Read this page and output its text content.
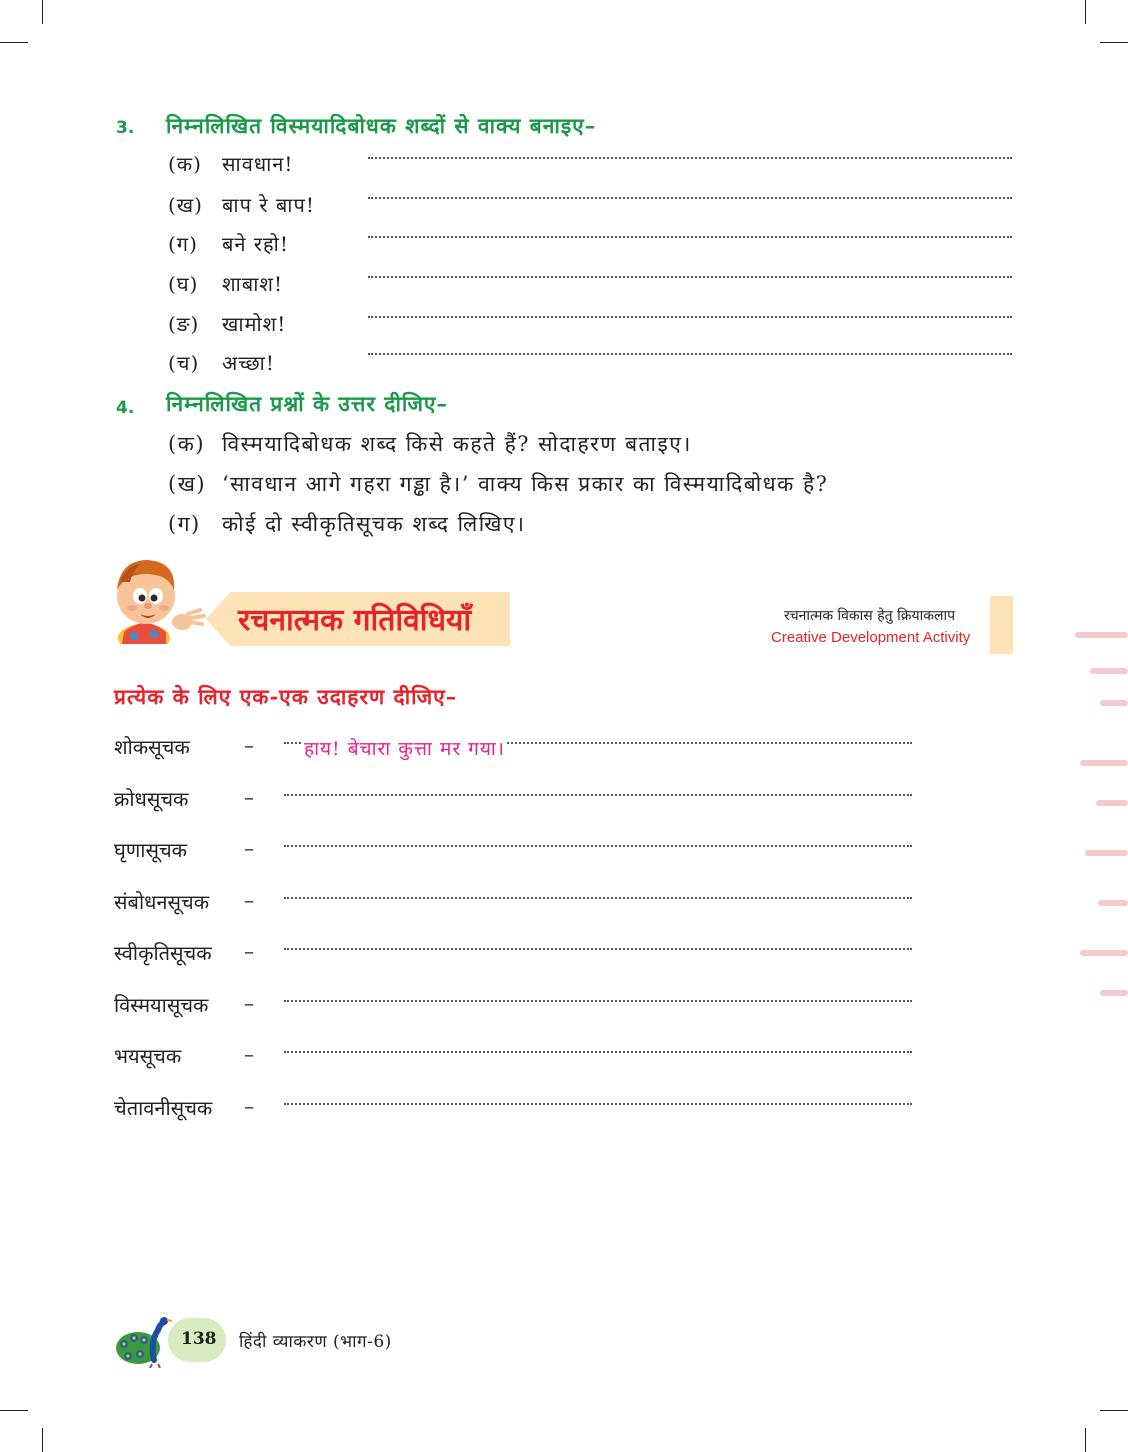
3. निम्नलिखित विस्मयादिबोधक शब्दों से वाक्य बनाइए–
(क) सावधान!
(ख) बाप रे बाप!
(ग) बने रहो!
(घ) शाबाश!
(ङ) खामोश!
(च) अच्छा!
4. निम्नलिखित प्रश्नों के उत्तर दीजिए–
(क) विस्मयादिबोधक शब्द किसे कहते हैं? सोदाहरण बताइए।
(ख) ‘सावधान आगे गहरा गड्ढा है।’ वाक्य किस प्रकार का विस्मयादिबोधक है?
(ग) कोई दो स्वीकृतिसूचक शब्द लिखिए।
रचनात्मक गतिविधियाँ	रचनात्मक विकास हेतु क्रियाकलाप
Creative Development Activity
प्रत्येक के लिए एक-एक उदाहरण दीजिए–
शोकसूचक	–	हाय! बेचारा कुत्ता मर गया।
क्रोधसूचक	–
घृणासूचक	–
संबोधनसूचक –
स्वीकृतिसूचक –
विस्मयासूचक –
भयसूचक	–
चेतावनीसूचक –
138 हिंदी व्याकरण (भाग-6)
